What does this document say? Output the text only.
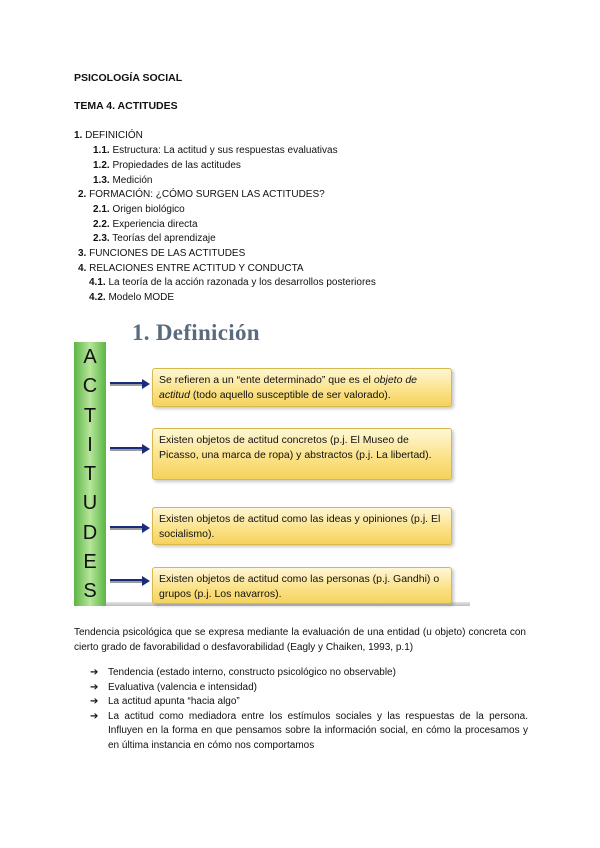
PSICOLOGÍA SOCIAL
TEMA 4. ACTITUDES
1. DEFINICIÓN
1.1. Estructura: La actitud y sus respuestas evaluativas
1.2. Propiedades de las actitudes
1.3. Medición
2. FORMACIÓN: ¿CÓMO SURGEN LAS ACTITUDES?
2.1. Origen biológico
2.2. Experiencia directa
2.3. Teorías del aprendizaje
3. FUNCIONES DE LAS ACTITUDES
4. RELACIONES ENTRE ACTITUD Y CONDUCTA
4.1. La teoría de la acción razonada y los desarrollos posteriores
4.2. Modelo MODE
1. Definición
A
C
T
I
T
U
D
E
S
Se refieren a un “ente determinado” que es el objeto de actitud (todo aquello susceptible de ser valorado).
Existen objetos de actitud concretos (p.j. El Museo de Picasso, una marca de ropa) y abstractos (p.j. La libertad).
Existen objetos de actitud como las ideas y opiniones (p.j. El socialismo).
Existen objetos de actitud como las personas (p.j. Gandhi) o grupos (p.j. Los navarros).
Tendencia psicológica que se expresa mediante la evaluación de una entidad (u objeto) concreta con cierto grado de favorabilidad o desfavorabilidad (Eagly y Chaiken, 1993, p.1)
➔ Tendencia (estado interno, constructo psicológico no observable)
➔ Evaluativa (valencia e intensidad)
➔ La actitud apunta “hacia algo”
➔ La actitud como mediadora entre los estímulos sociales y las respuestas de la persona. Influyen en la forma en que pensamos sobre la información social, en cómo la procesamos y en última instancia en cómo nos comportamos
